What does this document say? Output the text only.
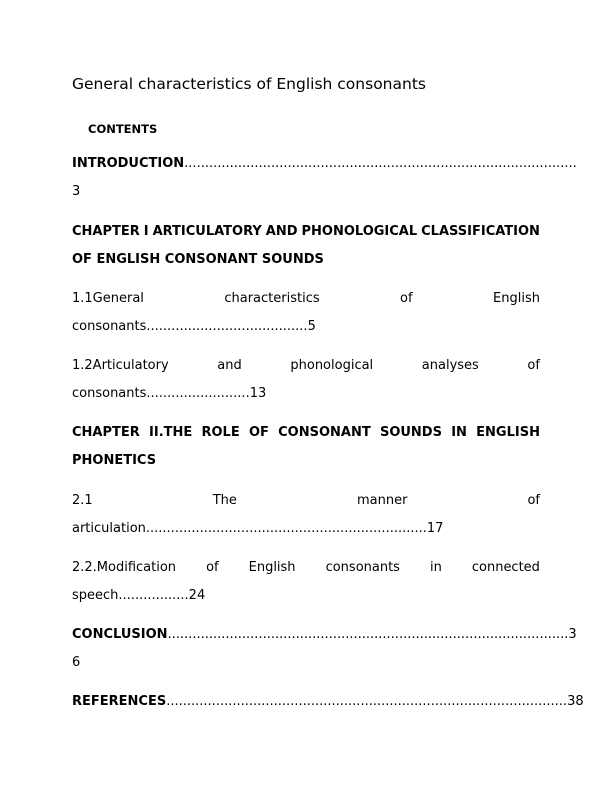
General characteristics of English consonants
CONTENTS
INTRODUCTION...............................................................................................
3
CHAPTER I ARTICULATORY AND PHONOLOGICAL CLASSIFICATION
OF ENGLISH CONSONANT SOUNDS
1.1General	characteristics	of	English
consonants.......................................5
1.2Articulatory	and	phonological	analyses	of
consonants.........................13
CHAPTER II.THE ROLE OF CONSONANT SOUNDS IN ENGLISH
PHONETICS
2.1	The	manner	of
articulation....................................................................17
2.2.Modification of English consonants in connected
speech.................24
CONCLUSION.................................................................................................3
6
REFERENCES.................................................................................................38
